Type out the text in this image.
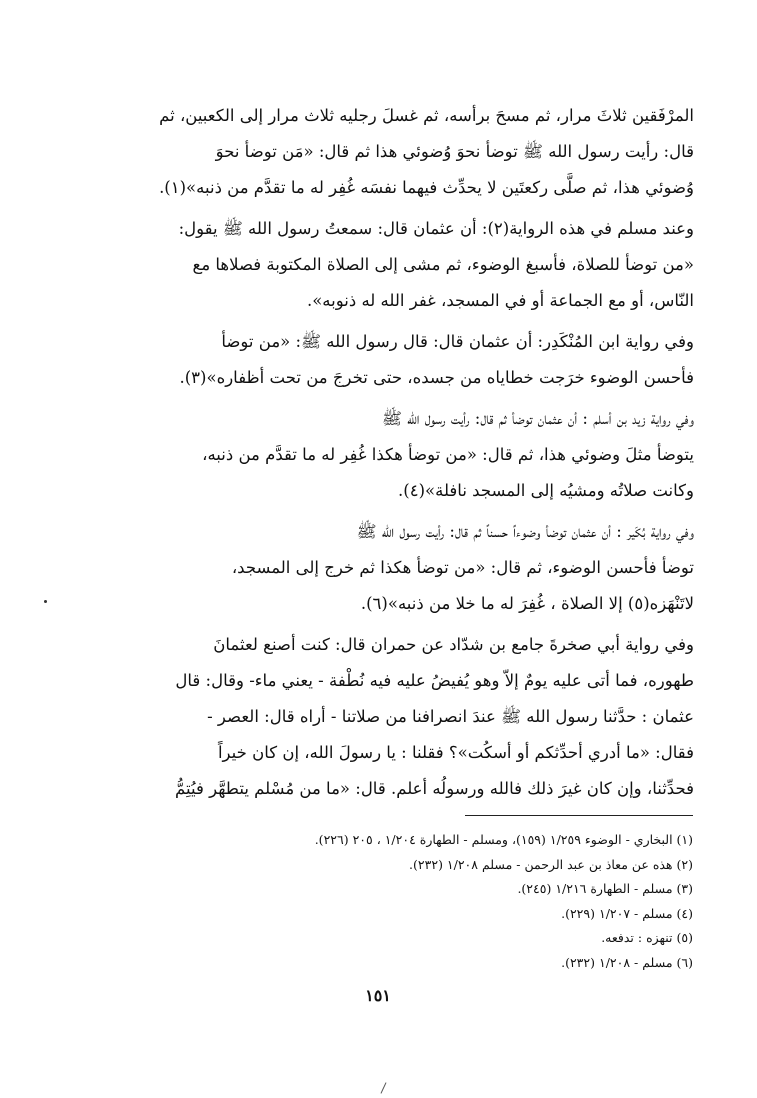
المرْفَقين ثلاثَ مرار، ثم مسحَ برأسه، ثم غسلَ رجليه ثلاث مرار إلى الكعبين، ثم
قال: رأيت رسول الله ﷺ توضأ نحوَ وُضوئي هذا ثم قال: «مَن توضأ نحوَ
وُضوئي هذا، ثم صلَّى ركعتَين لا يحدِّث فيهما نفسَه غُفِر له ما تقدَّم من ذنبه»(١).

وعند مسلم في هذه الرواية(٢): أن عثمان قال: سمعتُ رسول الله ﷺ يقول:
«من توضأ للصلاة، فأسبغ الوضوء، ثم مشى إلى الصلاة المكتوبة فصلاها مع
النّاس، أو مع الجماعة أو في المسجد، غفر الله له ذنوبه».

وفي رواية ابن المُنْكَدِر: أن عثمان قال: قال رسول الله ﷺ: «من توضأ
فأحسن الوضوء خرَجت خطاياه من جسده، حتى تخرجَ من تحت أظفاره»(٣).

وفي رواية زيد بن أسلم : أن عثمان توضأ ثم قال: رأيت رسول الله ﷺ
يتوضأ مثلَ وضوئي هذا، ثم قال: «من توضأ هكذا غُفِر له ما تقدَّم من ذنبه،
وكانت صلاتُه ومشيُه إلى المسجد نافلة»(٤).

وفي رواية بُكَير : أن عثمان توضأ وضوءاً حسناً ثم قال: رأيت رسول الله ﷺ
توضأ فأحسن الوضوء، ثم قال: «من توضأ هكذا ثم خرج إلى المسجد،
لاتَنْهَزه(٥) إلا الصلاة ، غُفِرَ له ما خلا من ذنبه»(٦).

وفي رواية أبي صخرةَ جامع بن شدّاد عن حمران قال: كنت أصنع لعثمانَ
طهوره، فما أتى عليه يومٌ إلاّ وهو يُفيضُ عليه فيه نُطْفة - يعني ماء- وقال: قال
عثمان : حدَّثنا رسول الله ﷺ عندَ انصرافنا من صلاتنا - أراه قال: العصر -
فقال: «ما أدري أحدِّثكم أو أسكُت»؟ فقلنا : يا رسولَ الله، إن كان خيراً
فحدِّثنا، وإن كان غيرَ ذلك فالله ورسولُه أعلم. قال: «ما من مُسْلم يتطهَّر فيُتِمُّ

(١) البخاري - الوضوء ١/٢٥٩ (١٥٩)، ومسلم - الطهارة ١/٢٠٤ ، ٢٠٥ (٢٢٦).
(٢) هذه عن معاذ بن عبد الرحمن - مسلم ١/٢٠٨ (٢٣٢).
(٣) مسلم - الطهارة ١/٢١٦ (٢٤٥).
(٤) مسلم - ١/٢٠٧ (٢٢٩).
(٥) تنهزه : تدفعه.
(٦) مسلم - ١/٢٠٨ (٢٣٢).
١٥١
